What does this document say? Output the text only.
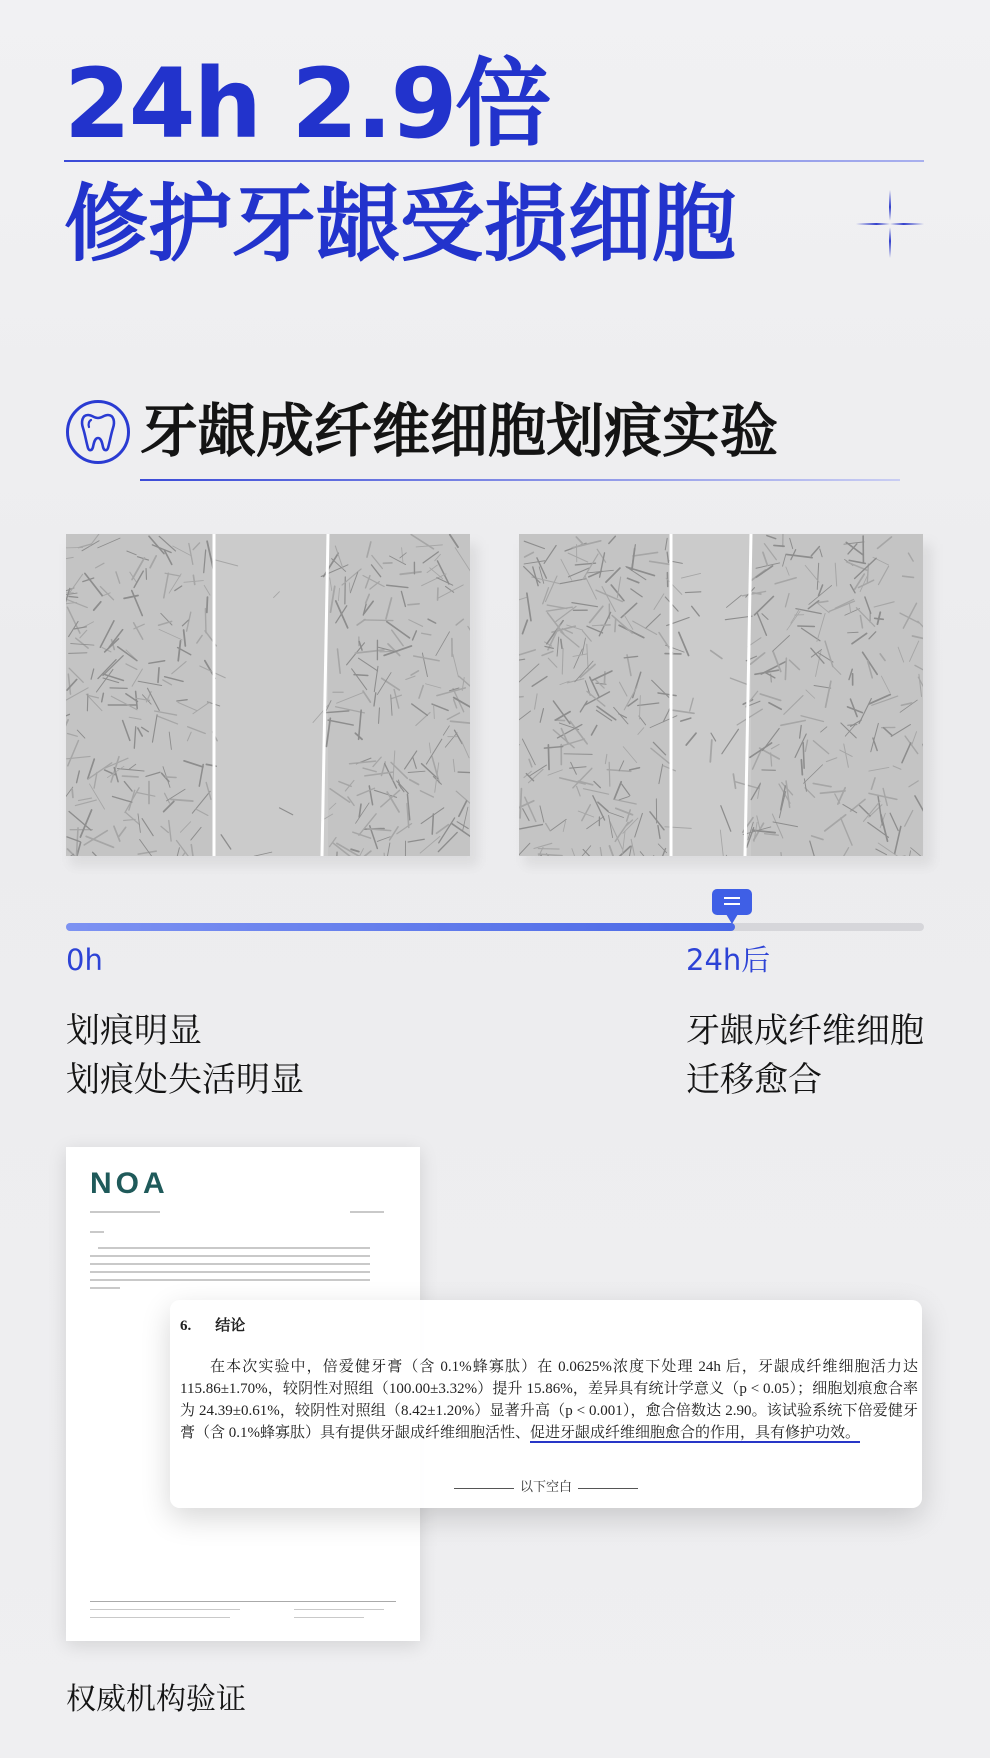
24h 2.9倍
修护牙龈受损细胞
牙龈成纤维细胞划痕实验
0h	24h后
划痕明显
划痕处失活明显
牙龈成纤维细胞
迁移愈合
NOA
6. 结论
在本次实验中，倍爱健牙膏（含 0.1%蜂寡肽）在 0.0625%浓度下处理 24h 后，牙龈成纤维细胞活力达 115.86±1.70%，较阴性对照组（100.00±3.32%）提升 15.86%，差异具有统计学意义（p < 0.05）；细胞划痕愈合率为 24.39±0.61%，较阴性对照组（8.42±1.20%）显著升高（p < 0.001），愈合倍数达 2.90。该试验系统下倍爱健牙膏（含 0.1%蜂寡肽）具有提供牙龈成纤维细胞活性、促进牙龈成纤维细胞愈合的作用，具有修护功效。
以下空白
权威机构验证
